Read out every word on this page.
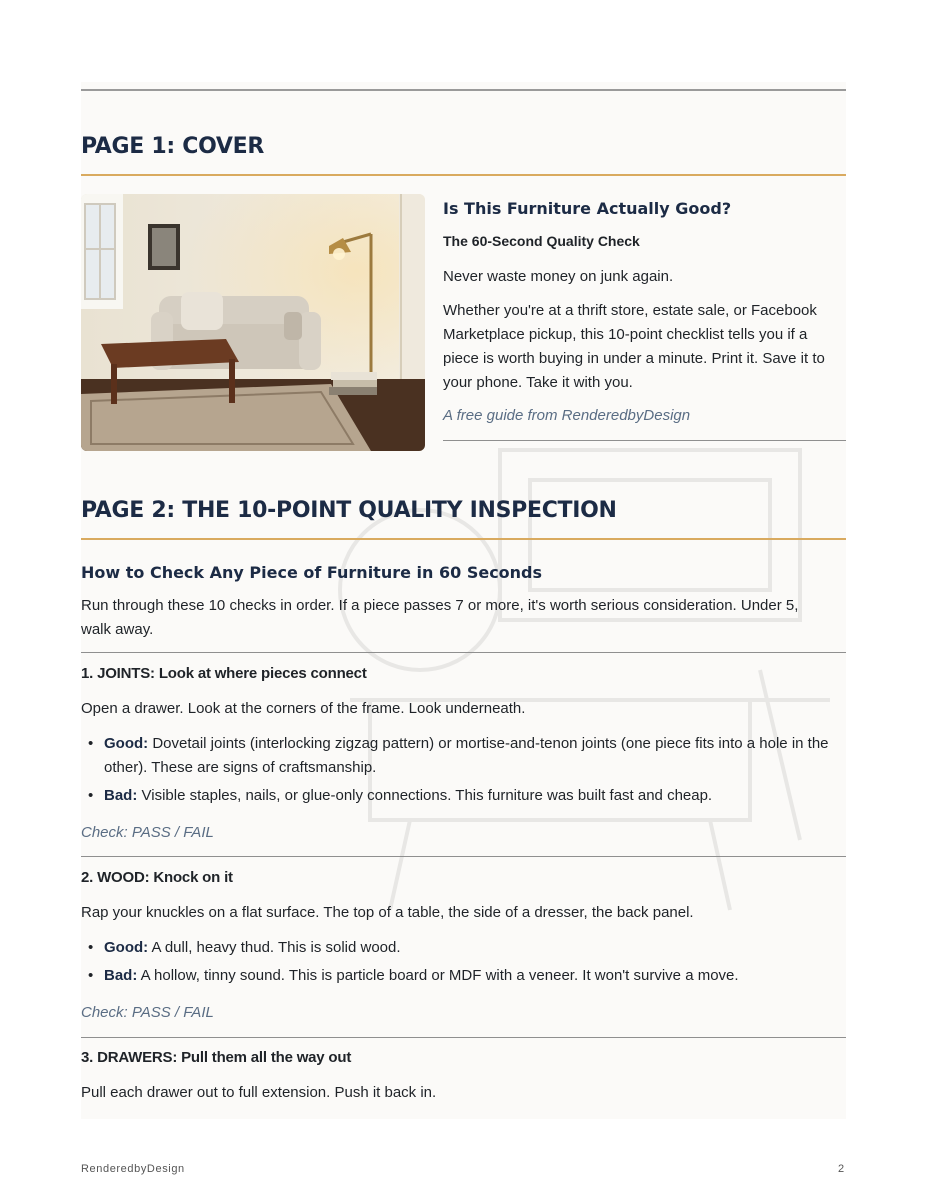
PAGE 1: COVER
Is This Furniture Actually Good?
The 60-Second Quality Check

Never waste money on junk again.

Whether you're at a thrift store, estate sale, or Facebook Marketplace pickup, this 10-point checklist tells you if a piece is worth buying in under a minute. Print it. Save it to your phone. Take it with you.

A free guide from RenderedbyDesign
PAGE 2: THE 10-POINT QUALITY INSPECTION
How to Check Any Piece of Furniture in 60 Seconds

Run through these 10 checks in order. If a piece passes 7 or more, it's worth serious consideration. Under 5, walk away.

1. JOINTS: Look at where pieces connect

Open a drawer. Look at the corners of the frame. Look underneath.

• Good: Dovetail joints (interlocking zigzag pattern) or mortise-and-tenon joints (one piece fits into a hole in the other). These are signs of craftsmanship.
• Bad: Visible staples, nails, or glue-only connections. This furniture was built fast and cheap.
Check: PASS / FAIL
2. WOOD: Knock on it

Rap your knuckles on a flat surface. The top of a table, the side of a dresser, the back panel.

• Good: A dull, heavy thud. This is solid wood.
• Bad: A hollow, tinny sound. This is particle board or MDF with a veneer. It won't survive a move.
Check: PASS / FAIL
3. DRAWERS: Pull them all the way out

Pull each drawer out to full extension. Push it back in.

RenderedbyDesign	2
